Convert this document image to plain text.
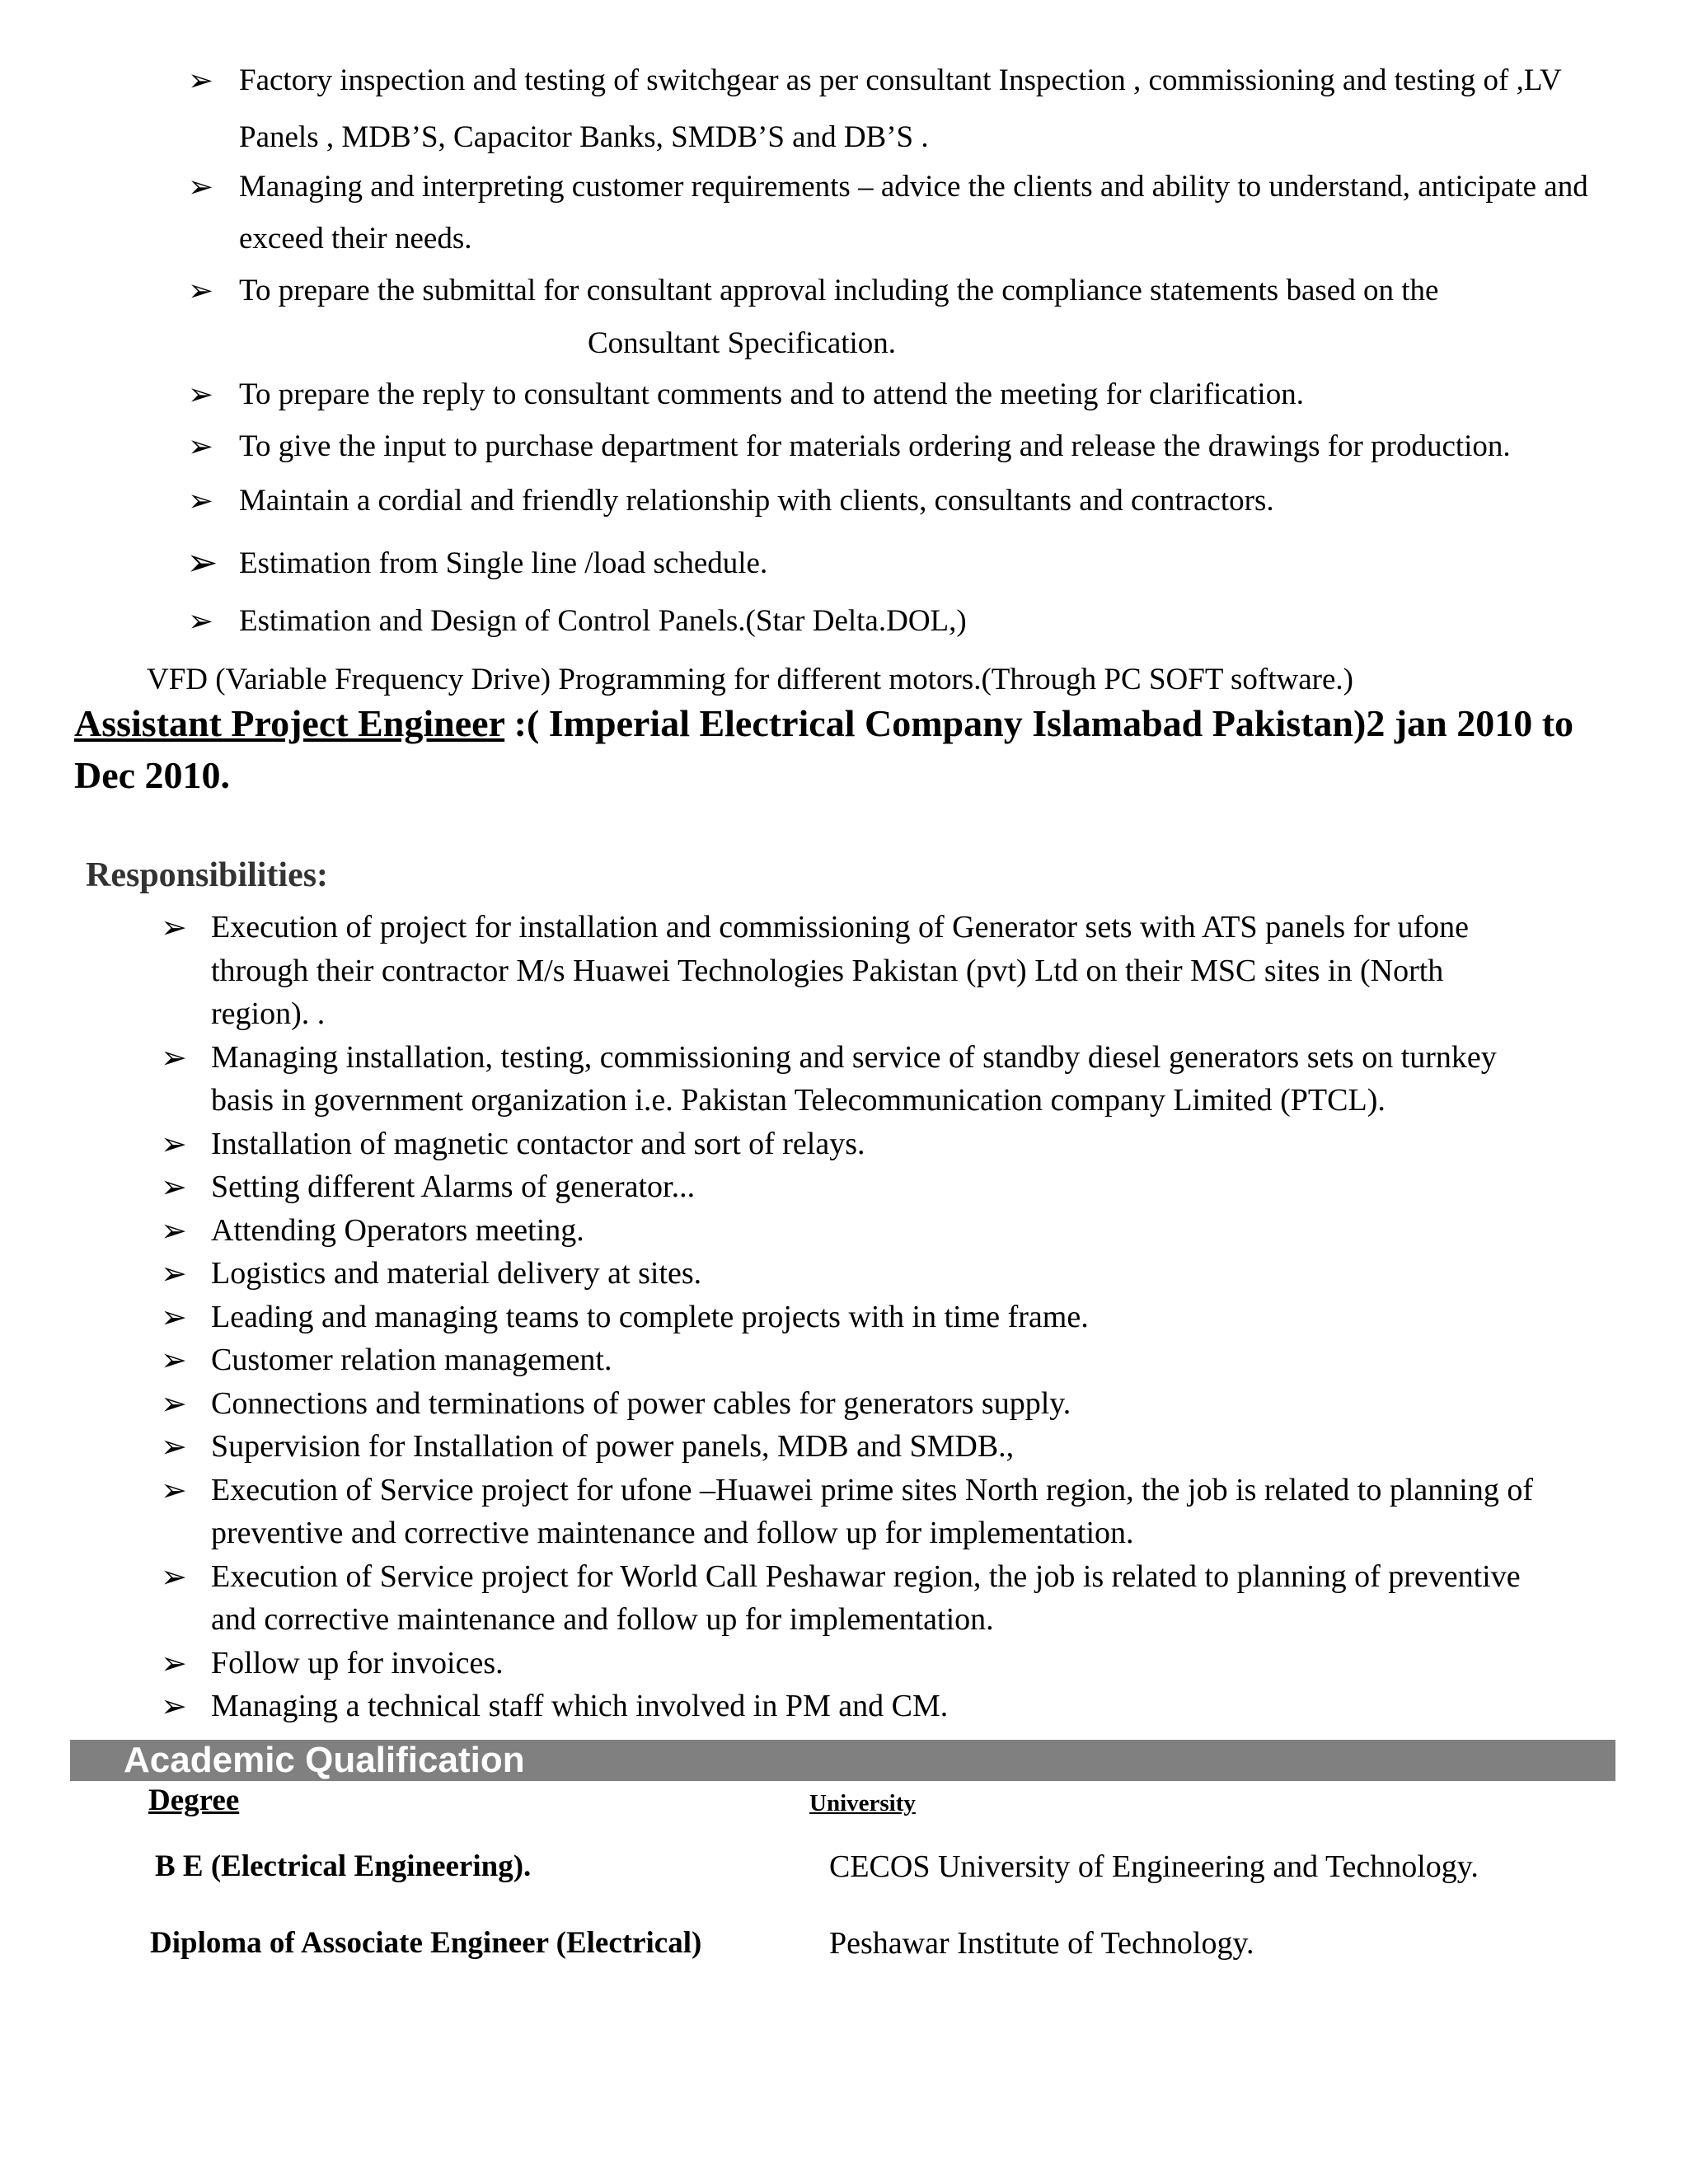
➢ Factory inspection and testing of switchgear as per consultant Inspection , commissioning and testing of ,LV
Panels , MDB’S, Capacitor Banks, SMDB’S and DB’S .
➢ Managing and interpreting customer requirements – advice the clients and ability to understand, anticipate and
exceed their needs.
➢ To prepare the submittal for consultant approval including the compliance statements based on the
Consultant Specification.
➢ To prepare the reply to consultant comments and to attend the meeting for clarification.
➢ To give the input to purchase department for materials ordering and release the drawings for production.
➢ Maintain a cordial and friendly relationship with clients, consultants and contractors.
➢ Estimation from Single line /load schedule.
➢ Estimation and Design of Control Panels.(Star Delta.DOL,)
VFD (Variable Frequency Drive) Programming for different motors.(Through PC SOFT software.)
Assistant Project Engineer :( Imperial Electrical Company Islamabad Pakistan)2 jan 2010 to
Dec 2010.
Responsibilities:
➢ Execution of project for installation and commissioning of Generator sets with ATS panels for ufone
through their contractor M/s Huawei Technologies Pakistan (pvt) Ltd on their MSC sites in (North
region). .
➢ Managing installation, testing, commissioning and service of standby diesel generators sets on turnkey
basis in government organization i.e. Pakistan Telecommunication company Limited (PTCL).
➢ Installation of magnetic contactor and sort of relays.
➢ Setting different Alarms of generator...
➢ Attending Operators meeting.
➢ Logistics and material delivery at sites.
➢ Leading and managing teams to complete projects with in time frame.
➢ Customer relation management.
➢ Connections and terminations of power cables for generators supply.
➢ Supervision for Installation of power panels, MDB and SMDB.,
➢ Execution of Service project for ufone –Huawei prime sites North region, the job is related to planning of
preventive and corrective maintenance and follow up for implementation.
➢ Execution of Service project for World Call Peshawar region, the job is related to planning of preventive
and corrective maintenance and follow up for implementation.
➢ Follow up for invoices.
➢ Managing a technical staff which involved in PM and CM.
Academic Qualification
Degree	University
B E (Electrical Engineering).	CECOS University of Engineering and Technology.
Diploma of Associate Engineer (Electrical)	Peshawar Institute of Technology.
